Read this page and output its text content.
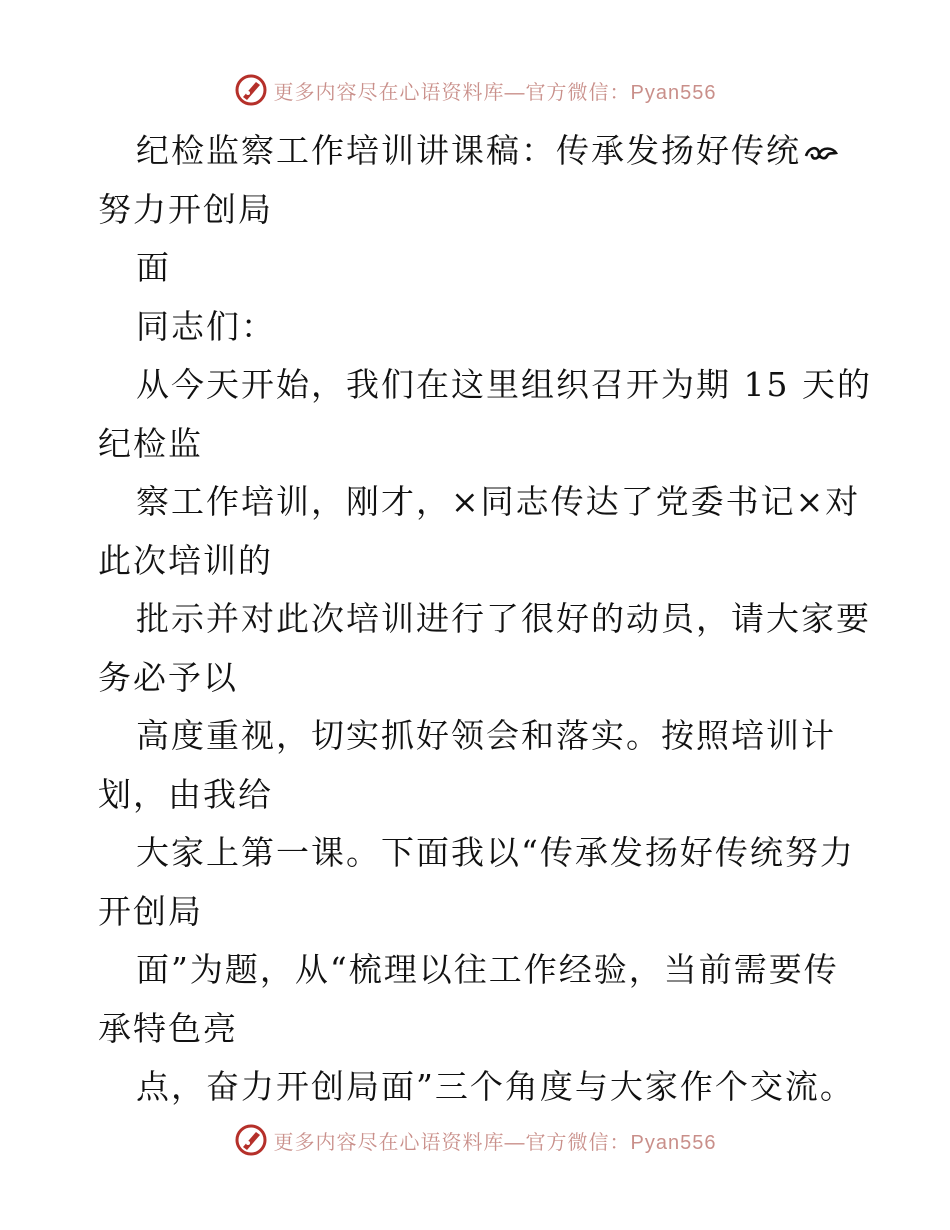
更多内容尽在心语资料库—官方微信：Pyan556
纪检监察工作培训讲课稿：传承发扬好传统
努力开创局
面
同志们：
从今天开始，我们在这里组织召开为期 15 天的
纪检监
察工作培训，刚才，×同志传达了党委书记×对
此次培训的
批示并对此次培训进行了很好的动员，请大家要
务必予以
高度重视，切实抓好领会和落实。按照培训计
划，由我给
大家上第一课。下面我以“传承发扬好传统努力
开创局
面”为题，从“梳理以往工作经验，当前需要传
承特色亮
点，奋力开创局面”三个角度与大家作个交流。
更多内容尽在心语资料库—官方微信：Pyan556
